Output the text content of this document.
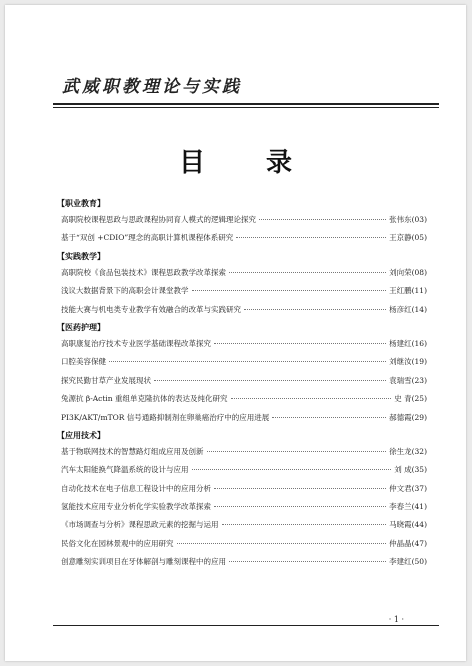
武威职教理论与实践
目 录
【职业教育】
高职院校课程思政与思政课程协同育人模式的逻辑理论探究	张伟东 (03)
基于“双创 +CDIO”理念的高职计算机课程体系研究	王京静 (05)
【实践教学】
高职院校《食品包装技术》课程思政教学改革探索	刘向荣 (08)
浅议大数据背景下的高职会计课堂教学	王红鹏 (11)
技能大赛与机电类专业教学有效融合的改革与实践研究	杨彦红 (14)
【医药护理】
高职康复治疗技术专业医学基础课程改革探究	杨建红 (16)
口腔美容保健	刘继汝 (19)
探究民勤甘草产业发展现状	袁瑞雪 (23)
兔源抗 β-Actin 重组单克隆抗体的表达及纯化研究	史 青 (25)
PI3K/AKT/mTOR 信号通路抑制剂在卵巢癌治疗中的应用进展	郝德霞 (29)
【应用技术】
基于物联网技术的智慧路灯组成应用及创新	徐生龙 (32)
汽车太阳能换气降温系统的设计与应用	刘 成 (35)
自动化技术在电子信息工程设计中的应用分析	仲文君 (37)
氢能技术应用专业分析化学实验教学改革探索	李春兰 (41)
《市场调查与分析》课程思政元素的挖掘与运用	马晓霞 (44)
民俗文化在园林景观中的应用研究	仲晶晶 (47)
创意雕刻实训项目在牙体解剖与雕刻课程中的应用	李建红 (50)
· 1 ·
